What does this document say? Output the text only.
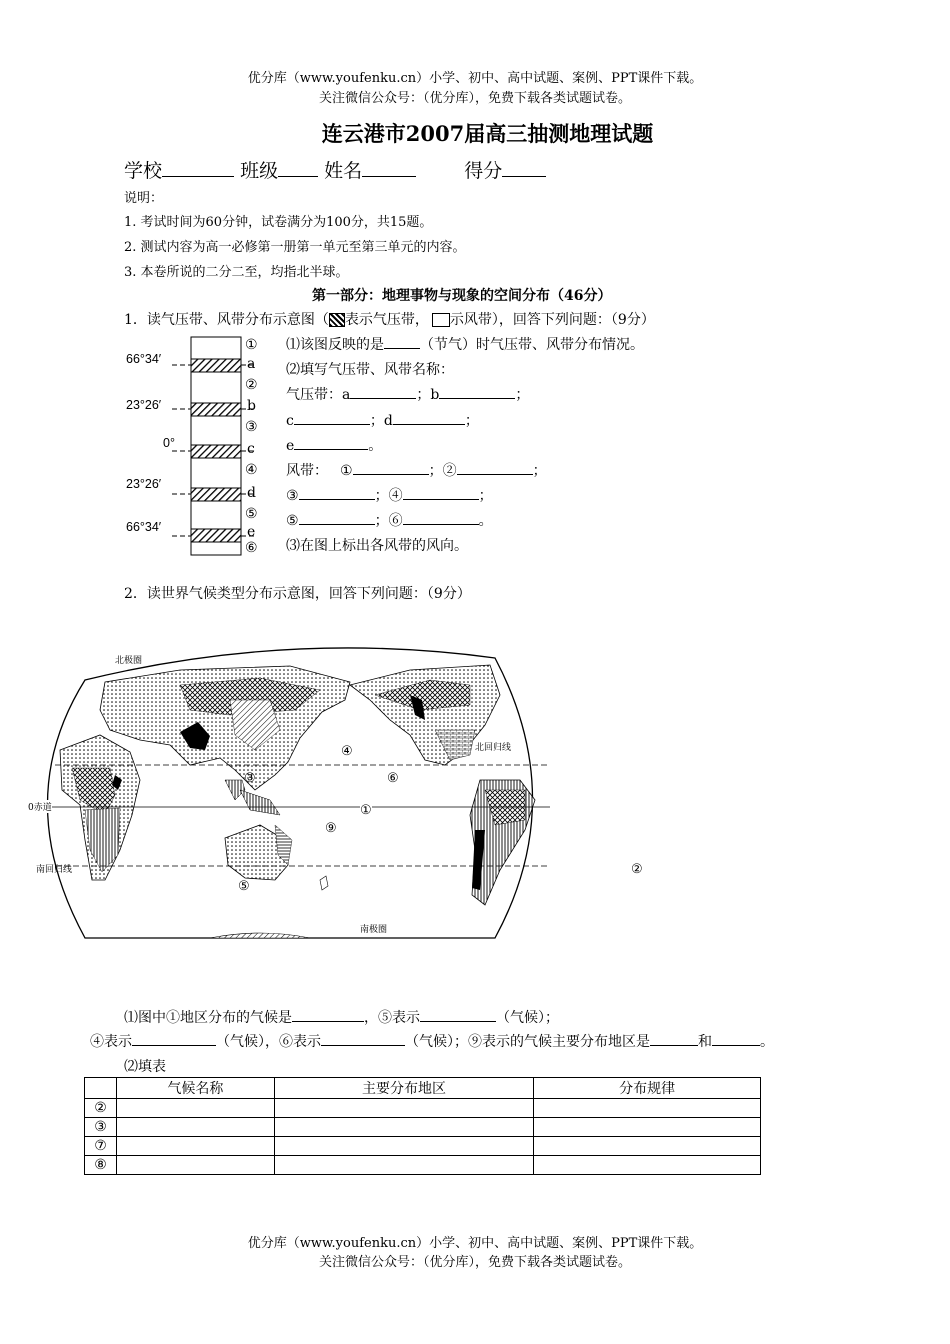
优分库（www.youfenku.cn）小学、初中、高中试题、案例、PPT课件下载。
关注微信公众号：（优分库），免费下载各类试题试卷。
连云港市2007届高三抽测地理试题
学校	班级 姓名	得分
说明：
1. 考试时间为60分钟，试卷满分为100分，共15题。
2. 测试内容为高一必修第一册第一单元至第三单元的内容。
3. 本卷所说的二分二至，均指北半球。
第一部分：地理事物与现象的空间分布（46分）
1．读气压带、风带分布示意图（ 表示气压带， 示风带），回答下列问题：（9分）
66°34′
23°26′
0°
23°26′
66°34′
①
a
②
b
③
c
④
d
⑤
e
⑥
⑴该图反映的是	（节气）时气压带、风带分布情况。
⑵填写气压带、风带名称：
气压带：a	；b	；
c	；d	；
e	。
风带： ①	；②	；
③	；④	；
⑤	；⑥	。
⑶在图上标出各风带的风向。
2．读世界气候类型分布示意图，回答下列问题：（9分）
北极圈
北回归线
0赤道
南回归线
南极圈
④
③	⑥
①
⑨
②
⑤
⑴图中①地区分布的气候是	，⑤表示	（气候）；
④表示	（气候），⑥表示	（气候）；⑨表示的气候主要分布地区是	和	。
⑵填表
	气候名称	主要分布地区	分布规律
②			
③			
⑦			
⑧			
优分库（www.youfenku.cn）小学、初中、高中试题、案例、PPT课件下载。
关注微信公众号：（优分库），免费下载各类试题试卷。
